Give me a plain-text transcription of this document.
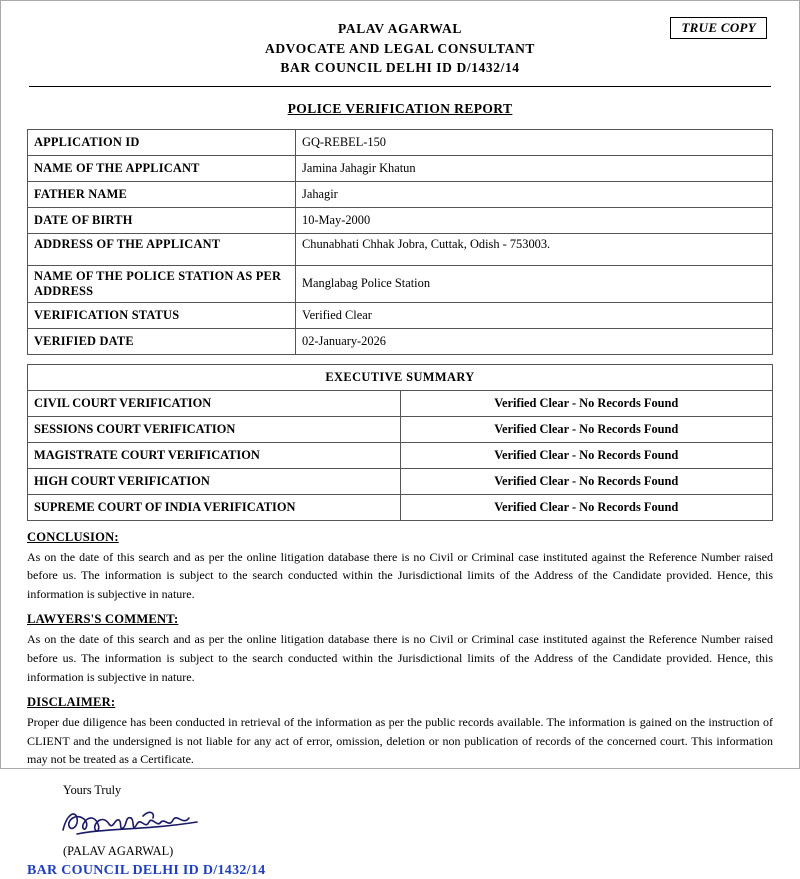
TRUE COPY
PALAV AGARWAL
ADVOCATE AND LEGAL CONSULTANT
BAR COUNCIL DELHI ID D/1432/14
POLICE VERIFICATION REPORT
APPLICATION ID	GQ-REBEL-150
NAME OF THE APPLICANT	Jamina Jahagir Khatun
FATHER NAME	Jahagir
DATE OF BIRTH	10-May-2000
ADDRESS OF THE APPLICANT	Chunabhati Chhak Jobra, Cuttak, Odish - 753003.
NAME OF THE POLICE STATION AS PER ADDRESS	Manglabag Police Station
VERIFICATION STATUS	Verified Clear
VERIFIED DATE	02-January-2026
EXECUTIVE SUMMARY	
CIVIL COURT VERIFICATION	Verified Clear - No Records Found
SESSIONS COURT VERIFICATION	Verified Clear - No Records Found
MAGISTRATE COURT VERIFICATION	Verified Clear - No Records Found
HIGH COURT VERIFICATION	Verified Clear - No Records Found
SUPREME COURT OF INDIA VERIFICATION	Verified Clear - No Records Found
CONCLUSION:

As on the date of this search and as per the online litigation database there is no Civil or Criminal case instituted against the Reference Number raised before us. The information is subject to the search conducted within the Jurisdictional limits of the Address of the Candidate provided. Hence, this information is subjective in nature.

LAWYERS'S COMMENT:

As on the date of this search and as per the online litigation database there is no Civil or Criminal case instituted against the Reference Number raised before us. The information is subject to the search conducted within the Jurisdictional limits of the Address of the Candidate provided. Hence, this information is subjective in nature.

DISCLAIMER:

Proper due diligence has been conducted in retrieval of the information as per the public records available. The information is gained on the instruction of CLIENT and the undersigned is not liable for any act of error, omission, deletion or non publication of records of the concerned court. This information may not be treated as a Certificate.

Yours Truly
(PALAV AGARWAL)
BAR COUNCIL DELHI ID D/1432/14
